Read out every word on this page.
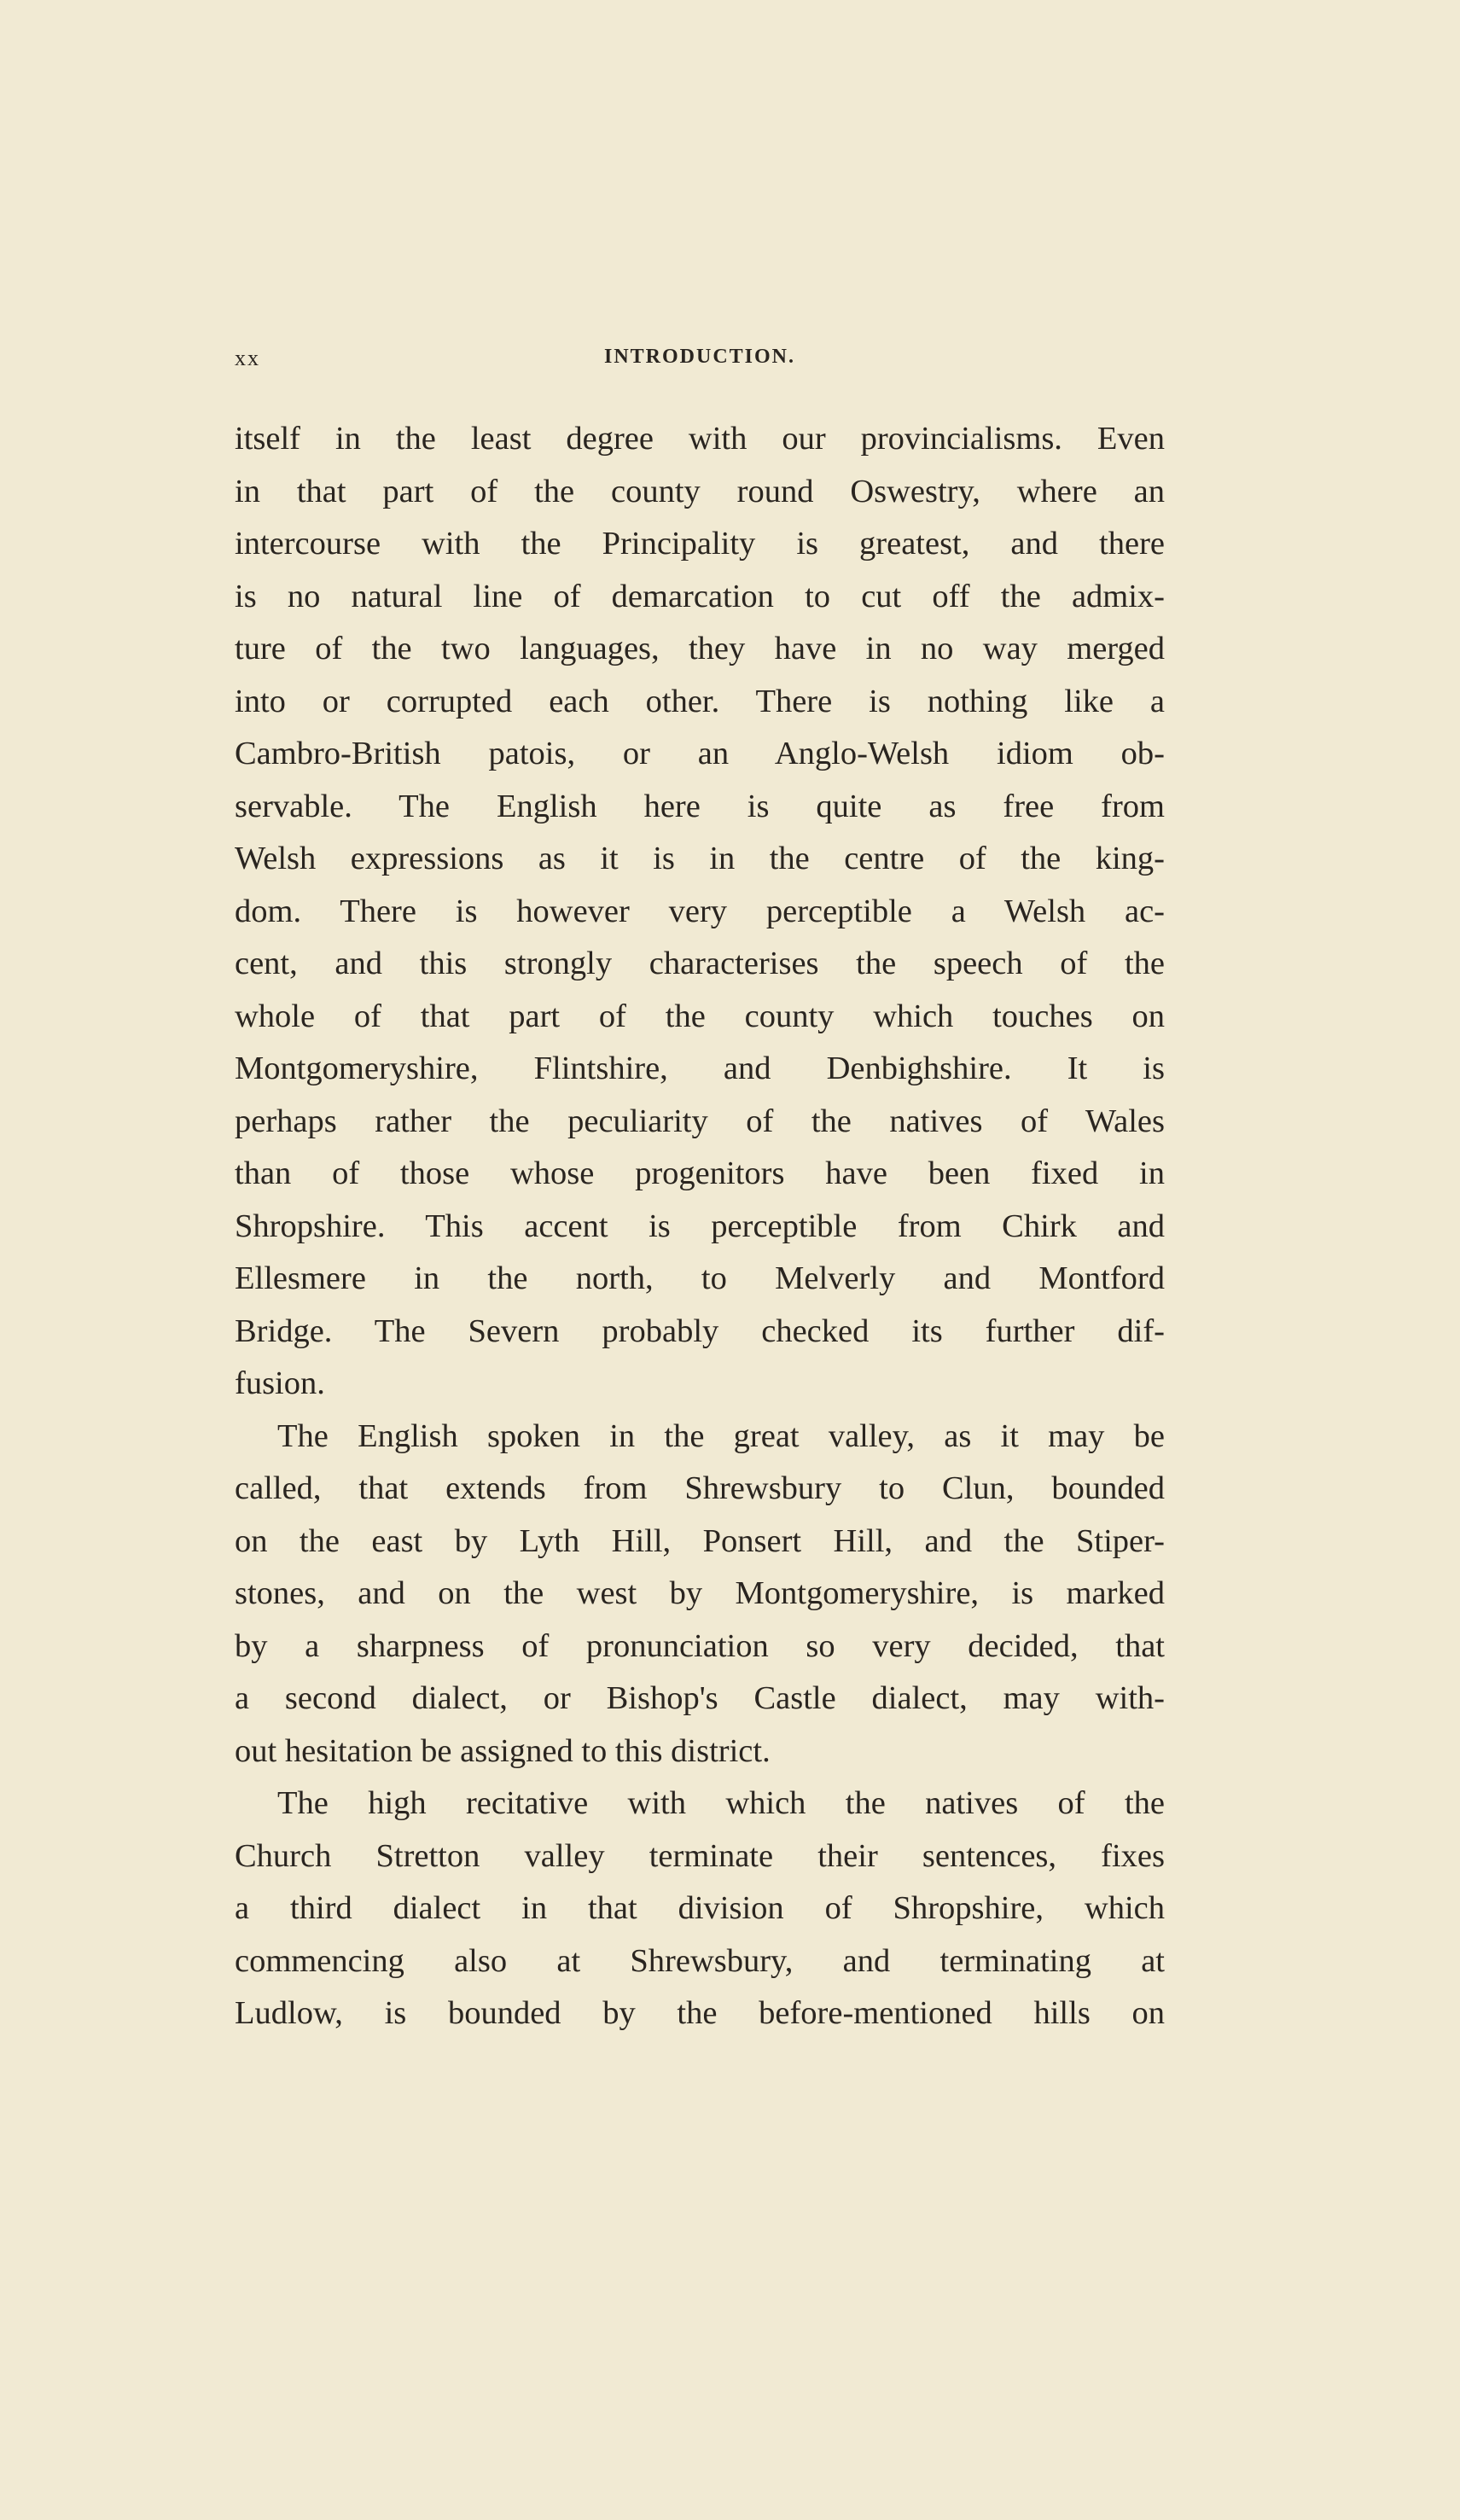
xx	INTRODUCTION.
itself in the least degree with our provincialisms. Even
in that part of the county round Oswestry, where an
intercourse with the Principality is greatest, and there
is no natural line of demarcation to cut off the admix-
ture of the two languages, they have in no way merged
into or corrupted each other. There is nothing like a
Cambro-British patois, or an Anglo-Welsh idiom ob-
servable. The English here is quite as free from
Welsh expressions as it is in the centre of the king-
dom. There is however very perceptible a Welsh ac-
cent, and this strongly characterises the speech of the
whole of that part of the county which touches on
Montgomeryshire, Flintshire, and Denbighshire. It is
perhaps rather the peculiarity of the natives of Wales
than of those whose progenitors have been fixed in
Shropshire. This accent is perceptible from Chirk and
Ellesmere in the north, to Melverly and Montford
Bridge. The Severn probably checked its further dif-
fusion.
The English spoken in the great valley, as it may be
called, that extends from Shrewsbury to Clun, bounded
on the east by Lyth Hill, Ponsert Hill, and the Stiper-
stones, and on the west by Montgomeryshire, is marked
by a sharpness of pronunciation so very decided, that
a second dialect, or Bishop's Castle dialect, may with-
out hesitation be assigned to this district.
The high recitative with which the natives of the
Church Stretton valley terminate their sentences, fixes
a third dialect in that division of Shropshire, which
commencing also at Shrewsbury, and terminating at
Ludlow, is bounded by the before-mentioned hills on
